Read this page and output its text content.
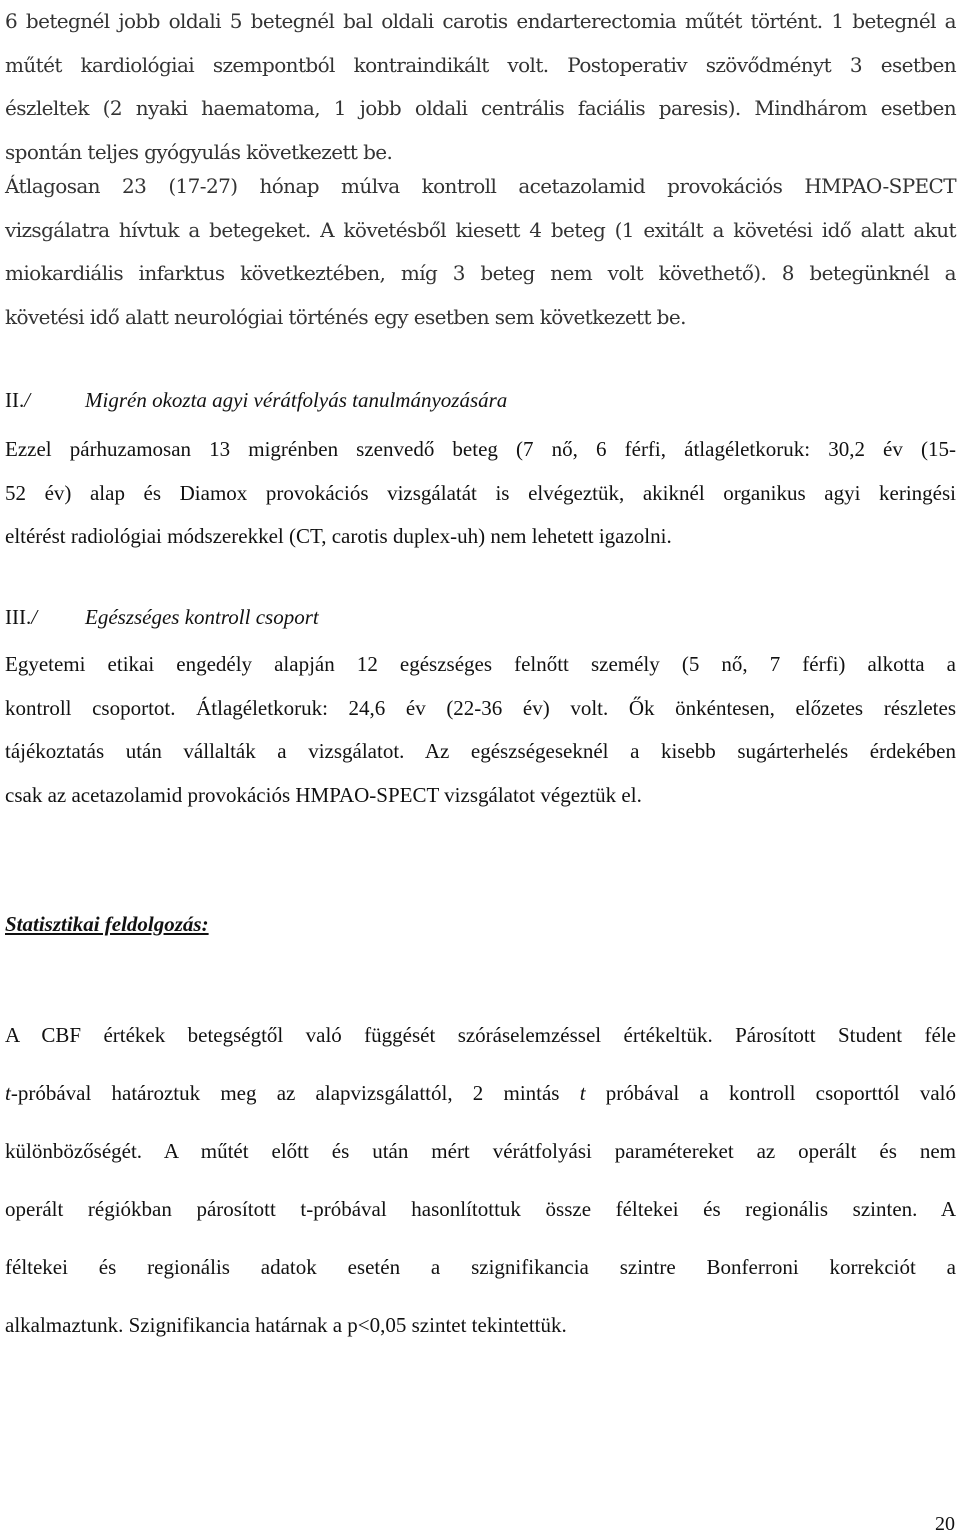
6 betegnél jobb oldali 5 betegnél bal oldali carotis endarterectomia műtét történt. 1 betegnél a
műtét kardiológiai szempontból kontraindikált volt. Postoperativ szövődményt 3 esetben
észleltek (2 nyaki haematoma, 1 jobb oldali centrális faciális paresis). Mindhárom esetben
spontán teljes gyógyulás következett be.
Átlagosan 23 (17-27) hónap múlva kontroll acetazolamid provokációs HMPAO-SPECT
vizsgálatra hívtuk a betegeket. A követésből kiesett 4 beteg (1 exitált a követési idő alatt akut
miokardiális infarktus következtében, míg 3 beteg nem volt követhető). 8 betegünknél a
követési idő alatt neurológiai történés egy esetben sem következett be.
II./	Migrén okozta agyi vérátfolyás tanulmányozására
Ezzel párhuzamosan 13 migrénben szenvedő beteg (7 nő, 6 férfi, átlagéletkoruk: 30,2 év (15-
52 év) alap és Diamox provokációs vizsgálatát is elvégeztük, akiknél organikus agyi keringési
eltérést radiológiai módszerekkel (CT, carotis duplex-uh) nem lehetett igazolni.
III./ Egészséges kontroll csoport
Egyetemi etikai engedély alapján 12 egészséges felnőtt személy (5 nő, 7 férfi) alkotta a
kontroll csoportot. Átlagéletkoruk: 24,6 év (22-36 év) volt. Ők önkéntesen, előzetes részletes
tájékoztatás után vállalták a vizsgálatot. Az egészségeseknél a kisebb sugárterhelés érdekében
csak az acetazolamid provokációs HMPAO-SPECT vizsgálatot végeztük el.
Statisztikai feldolgozás:
A CBF értékek betegségtől való függését szóráselemzéssel értékeltük. Párosított Student féle
t-próbával határoztuk meg az alapvizsgálattól, 2 mintás t próbával a kontroll csoporttól való
különbözőségét. A műtét előtt és után mért vérátfolyási paramétereket az operált és nem
operált régiókban párosított t-próbával hasonlítottuk össze féltekei és regionális szinten. A
féltekei és regionális adatok esetén a szignifikancia szintre Bonferroni korrekciót a
alkalmaztunk. Szignifikancia határnak a p<0,05 szintet tekintettük.
20
